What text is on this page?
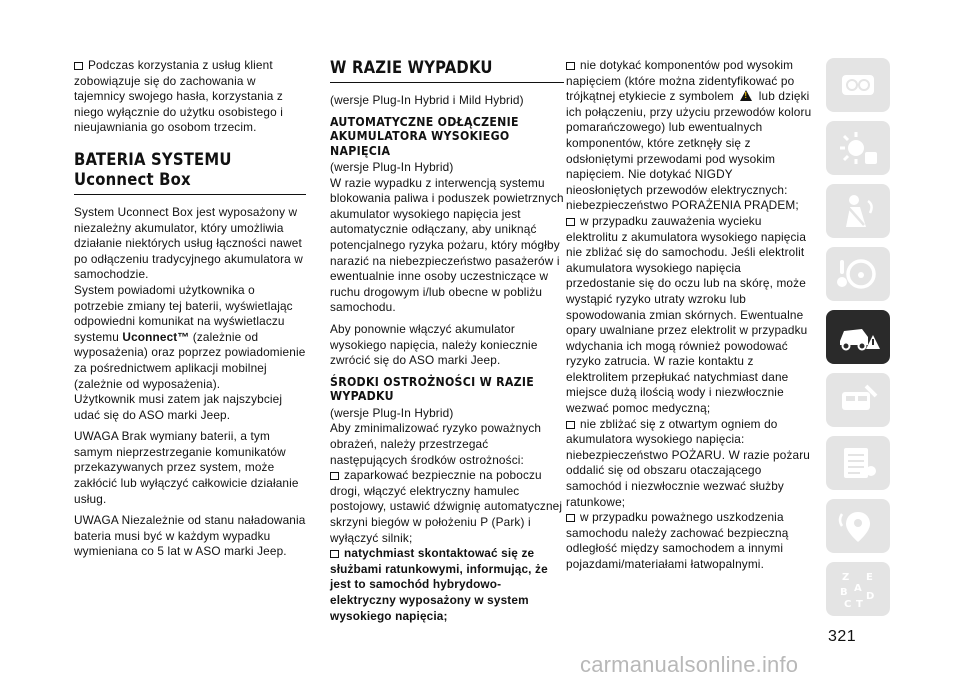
Podczas korzystania z usług klient zobowiązuje się do zachowania w tajemnicy swojego hasła, korzystania z niego wyłącznie do użytku osobistego i nieujawniania go osobom trzecim.

BATERIA SYSTEMU Uconnect Box

System Uconnect Box jest wyposażony w niezależny akumulator, który umożliwia działanie niektórych usług łączności nawet po odłączeniu tradycyjnego akumulatora w samochodzie.

System powiadomi użytkownika o potrzebie zmiany tej baterii, wyświetlając odpowiedni komunikat na wyświetlaczu systemu Uconnect™ (zależnie od wyposażenia) oraz poprzez powiadomienie za pośrednictwem aplikacji mobilnej (zależnie od wyposażenia).

Użytkownik musi zatem jak najszybciej udać się do ASO marki Jeep.

UWAGA Brak wymiany baterii, a tym samym nieprzestrzeganie komunikatów przekazywanych przez system, może zakłócić lub wyłączyć całkowicie działanie usług.

UWAGA Niezależnie od stanu naładowania bateria musi być w każdym wypadku wymieniana co 5 lat w ASO marki Jeep.

W RAZIE WYPADKU

(wersje Plug-In Hybrid i Mild Hybrid)

AUTOMATYCZNE ODŁĄCZENIE AKUMULATORA WYSOKIEGO NAPIĘCIA

(wersje Plug-In Hybrid)

W razie wypadku z interwencją systemu blokowania paliwa i poduszek powietrznych akumulator wysokiego napięcia jest automatycznie odłączany, aby uniknąć potencjalnego ryzyka pożaru, który mógłby narazić na niebezpieczeństwo pasażerów i ewentualnie inne osoby uczestniczące w ruchu drogowym i/lub obecne w pobliżu samochodu.

Aby ponownie włączyć akumulator wysokiego napięcia, należy koniecznie zwrócić się do ASO marki Jeep.

ŚRODKI OSTROŻNOŚCI W RAZIE WYPADKU

(wersje Plug-In Hybrid)

Aby zminimalizować ryzyko poważnych obrażeń, należy przestrzegać następujących środków ostrożności:

zaparkować bezpiecznie na poboczu drogi, włączyć elektryczny hamulec postojowy, ustawić dźwignię automatycznej skrzyni biegów w położeniu P (Park) i wyłączyć silnik;

natychmiast skontaktować się ze służbami ratunkowymi, informując, że jest to samochód hybrydowo-elektryczny wyposażony w system wysokiego napięcia;

nie dotykać komponentów pod wysokim napięciem (które można zidentyfikować po trójkątnej etykiecie z symbolem ! lub dzięki ich połączeniu, przy użyciu przewodów koloru pomarańczowego) lub ewentualnych komponentów, które zetknęły się z odsłoniętymi przewodami pod wysokim napięciem. Nie dotykać NIGDY nieosłoniętych przewodów elektrycznych: niebezpieczeństwo PORAŻENIA PRĄDEM;

w przypadku zauważenia wycieku elektrolitu z akumulatora wysokiego napięcia nie zbliżać się do samochodu. Jeśli elektrolit akumulatora wysokiego napięcia przedostanie się do oczu lub na skórę, może wystąpić ryzyko utraty wzroku lub spowodowania zmian skórnych. Ewentualne opary uwalniane przez elektrolit w przypadku wdychania ich mogą również powodować ryzyko zatrucia. W razie kontaktu z elektrolitem przepłukać natychmiast dane miejsce dużą ilością wody i niezwłocznie wezwać pomoc medyczną;

nie zbliżać się z otwartym ogniem do akumulatora wysokiego napięcia: niebezpieczeństwo POŻARU. W razie pożaru oddalić się od obszaru otaczającego samochód i niezwłocznie wezwać służby ratunkowe;

w przypadku poważnego uszkodzenia samochodu należy zachować bezpieczną odległość między samochodem a innymi pojazdami/materiałami łatwopalnymi.

Z E
A
B
C T
D
321
carmanualsonline.info
